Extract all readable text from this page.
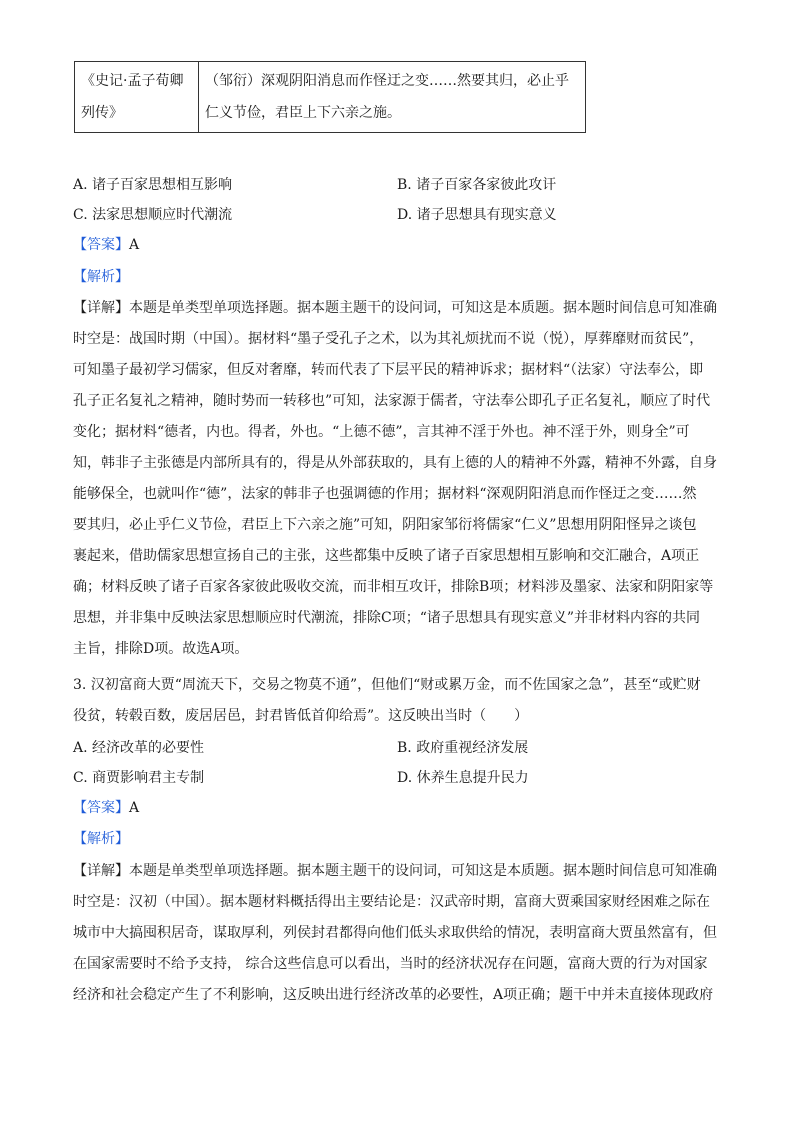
《史记·孟子荀卿
列传》

（邹衍）深观阴阳消息而作怪迂之变……然要其归，必止乎
仁义节俭，君臣上下六亲之施。
A. 诸子百家思想相互影响	B. 诸子百家各家彼此攻讦
C. 法家思想顺应时代潮流	D. 诸子思想具有现实意义
【答案】A
【解析】
【详解】本题是单类型单项选择题。据本题主题干的设问词，可知这是本质题。据本题时间信息可知准确
时空是：战国时期（中国）。据材料“墨子受孔子之术，以为其礼烦扰而不说（悦），厚葬靡财而贫民”，
可知墨子最初学习儒家，但反对奢靡，转而代表了下层平民的精神诉求；据材料“（法家）守法奉公，即
孔子正名复礼之精神，随时势而一转移也”可知，法家源于儒者，守法奉公即孔子正名复礼，顺应了时代
变化；据材料“德者，内也。得者，外也。“上德不德”，言其神不淫于外也。神不淫于外，则身全”可
知，韩非子主张德是内部所具有的，得是从外部获取的，具有上德的人的精神不外露，精神不外露，自身
能够保全，也就叫作“德”，法家的韩非子也强调德的作用；据材料“深观阴阳消息而作怪迂之变……然
要其归，必止乎仁义节俭，君臣上下六亲之施”可知，阴阳家邹衍将儒家“仁义”思想用阴阳怪异之谈包
裹起来，借助儒家思想宣扬自己的主张，这些都集中反映了诸子百家思想相互影响和交汇融合，A项正
确；材料反映了诸子百家各家彼此吸收交流，而非相互攻讦，排除B项；材料涉及墨家、法家和阴阳家等
思想，并非集中反映法家思想顺应时代潮流，排除C项；“诸子思想具有现实意义”并非材料内容的共同
主旨，排除D项。故选A项。
3. 汉初富商大贾“周流天下，交易之物莫不通”，但他们“财或累万金，而不佐国家之急”，甚至“或贮财
役贫，转毂百数，废居居邑，封君皆低首仰给焉”。这反映出当时（　　）
A. 经济改革的必要性	B. 政府重视经济发展
C. 商贾影响君主专制	D. 休养生息提升民力
【答案】A
【解析】
【详解】本题是单类型单项选择题。据本题主题干的设问词，可知这是本质题。据本题时间信息可知准确
时空是：汉初（中国）。据本题材料概括得出主要结论是：汉武帝时期，富商大贾乘国家财经困难之际在
城市中大搞囤积居奇，谋取厚利，列侯封君都得向他们低头求取供给的情况，表明富商大贾虽然富有，但
在国家需要时不给予支持， 综合这些信息可以看出，当时的经济状况存在问题，富商大贾的行为对国家
经济和社会稳定产生了不利影响，这反映出进行经济改革的必要性，A项正确；题干中并未直接体现政府
